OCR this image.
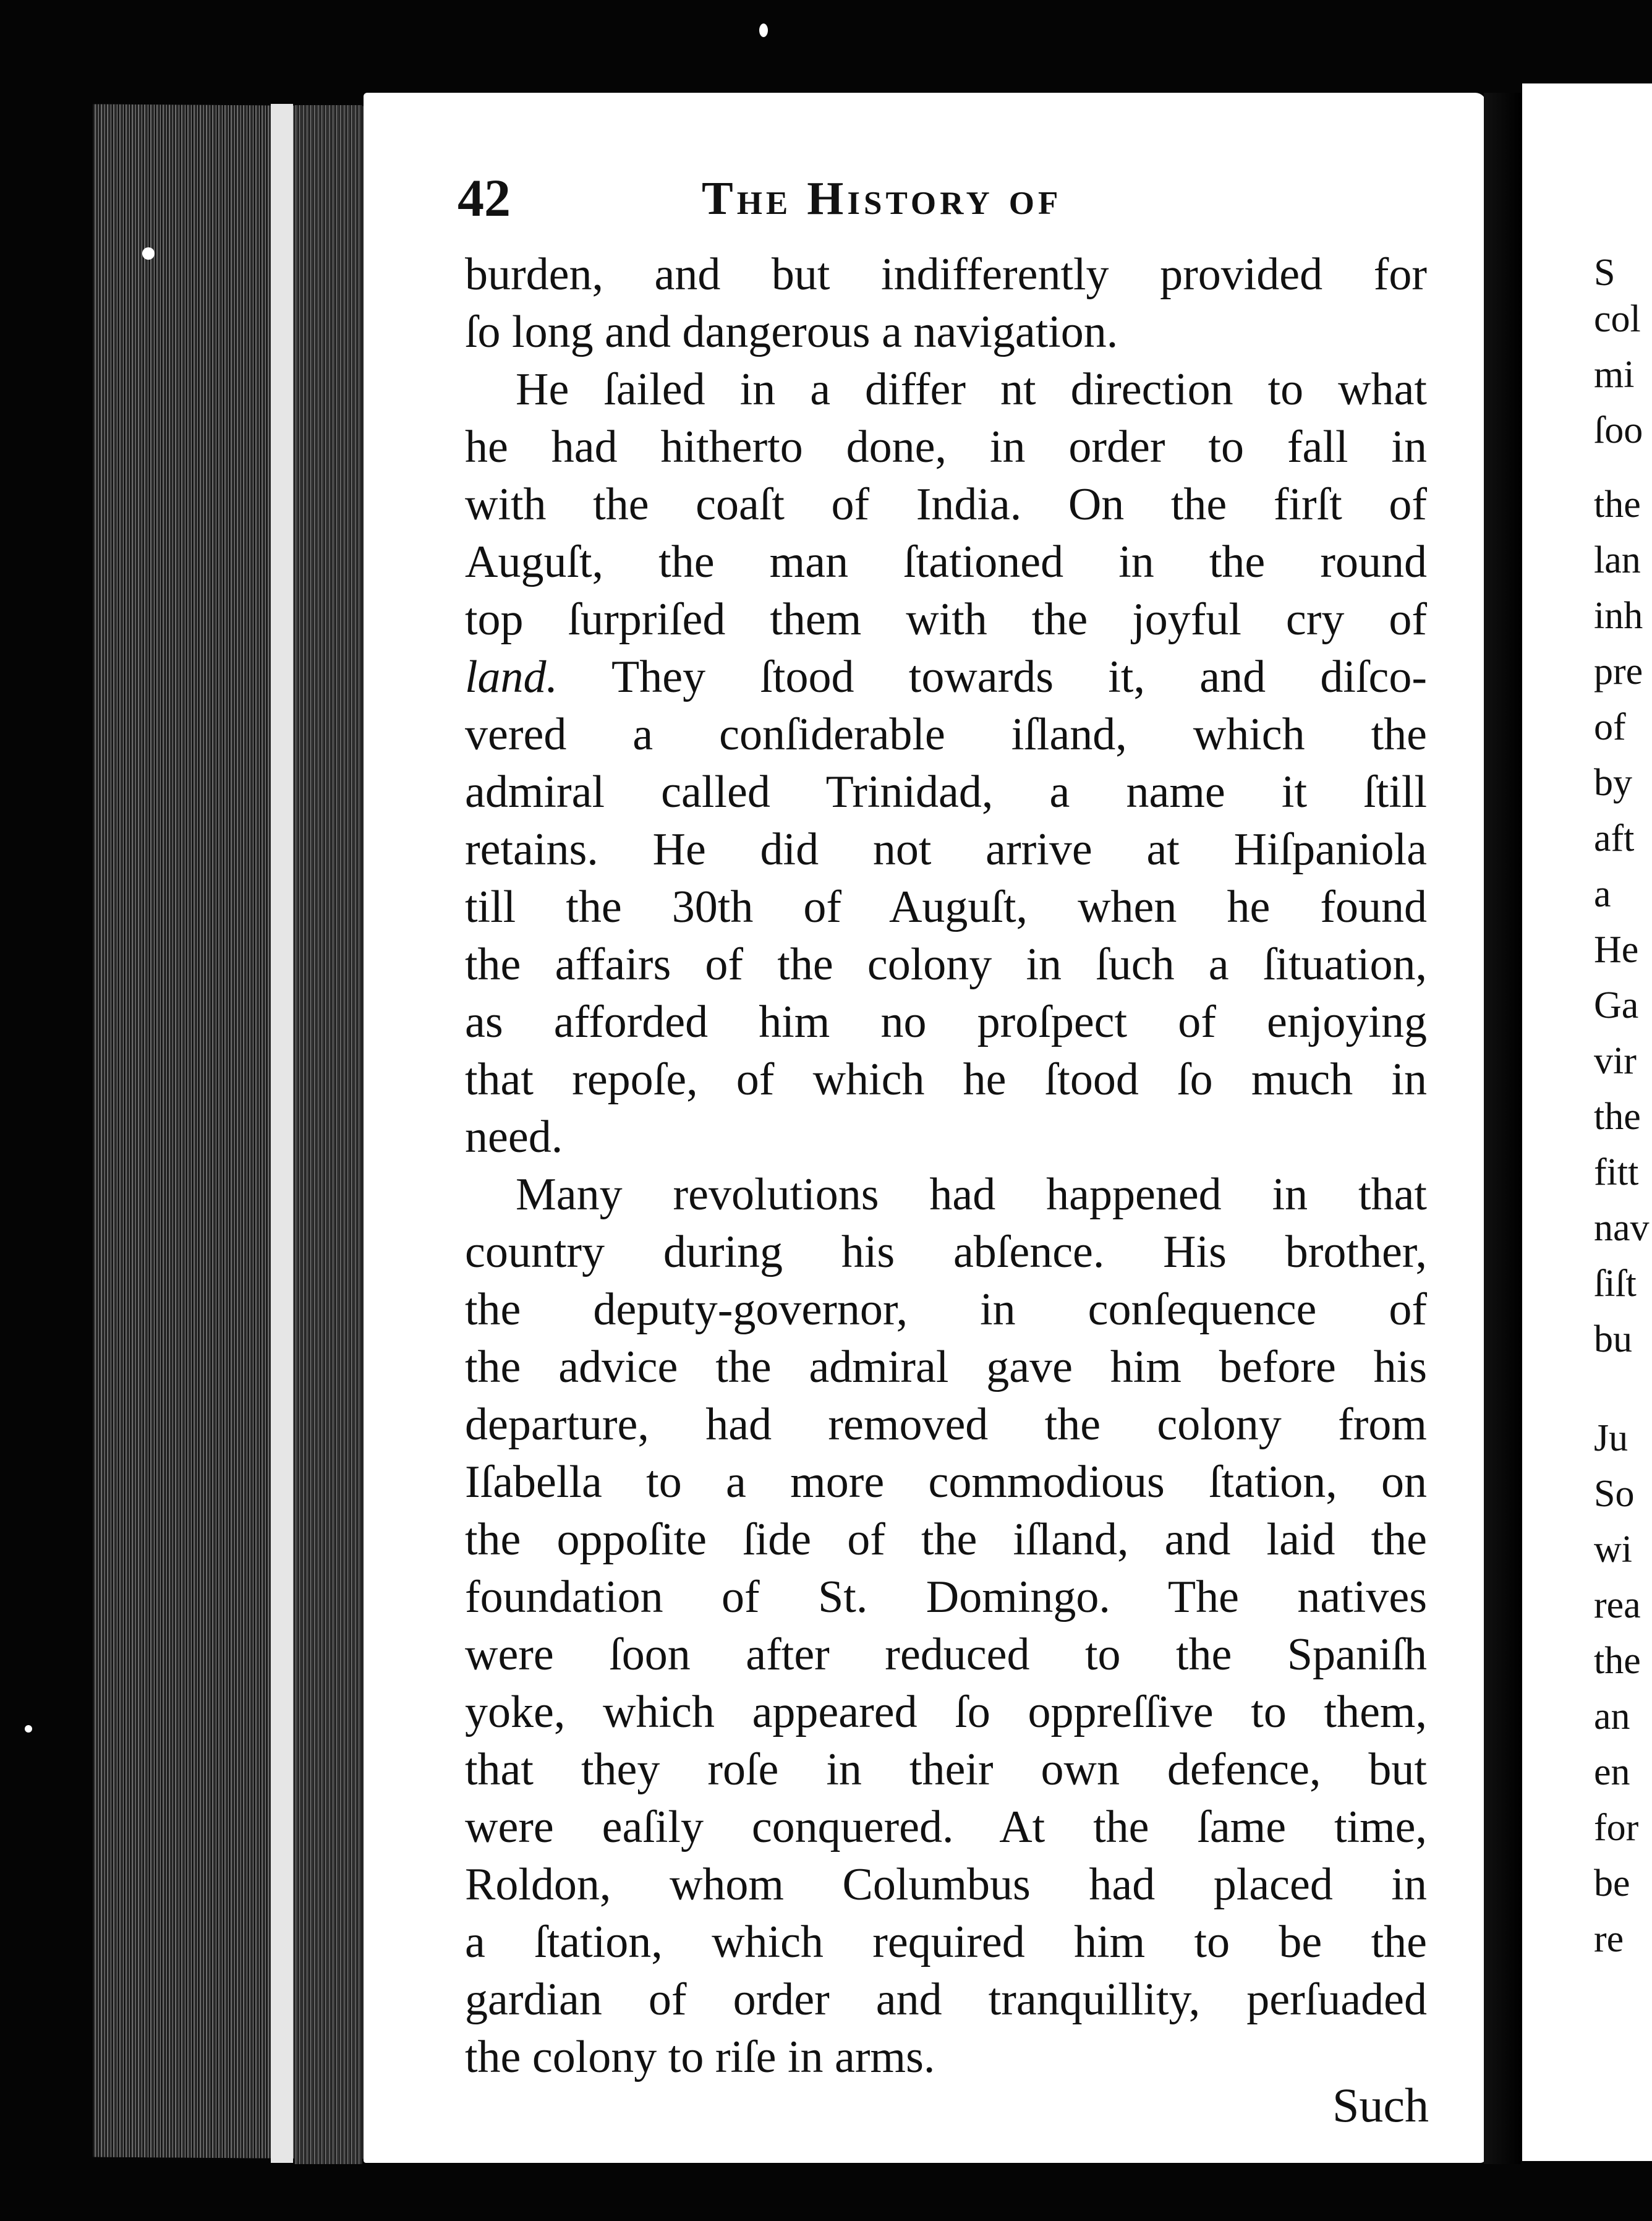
42	The History of
burden, and but indifferently provided for
ſo long and dangerous a navigation.
He ſailed in a differ nt direction to what
he had hitherto done, in order to fall in
with the coaſt of India. On the firſt of
Auguſt, the man ſtationed in the round
top ſurpriſed them with the joyful cry of
land. They ſtood towards it, and diſco-
vered a conſiderable iſland, which the
admiral called Trinidad, a name it ſtill
retains. He did not arrive at Hiſpaniola
till the 30th of Auguſt, when he found
the affairs of the colony in ſuch a ſituation,
as afforded him no proſpect of enjoying
that repoſe, of which he ſtood ſo much in
need.
Many revolutions had happened in that
country during his abſence. His brother,
the deputy-governor, in conſequence of
the advice the admiral gave him before his
departure, had removed the colony from
Iſabella to a more commodious ſtation, on
the oppoſite ſide of the iſland, and laid the
foundation of St. Domingo. The natives
were ſoon after reduced to the Spaniſh
yoke, which appeared ſo oppreſſive to them,
that they roſe in their own defence, but
were eaſily conquered. At the ſame time,
Roldon, whom Columbus had placed in
a ſtation, which required him to be the
gardian of order and tranquillity, perſuaded
the colony to riſe in arms.
Such
S
col
mi
ſoo
the
lan
inh
pre
of
by
aft
a
He
Ga
vir
the
fitt
nav
ſiſt
bu
Ju
So
wi
rea
the
an
en
for
be
re
